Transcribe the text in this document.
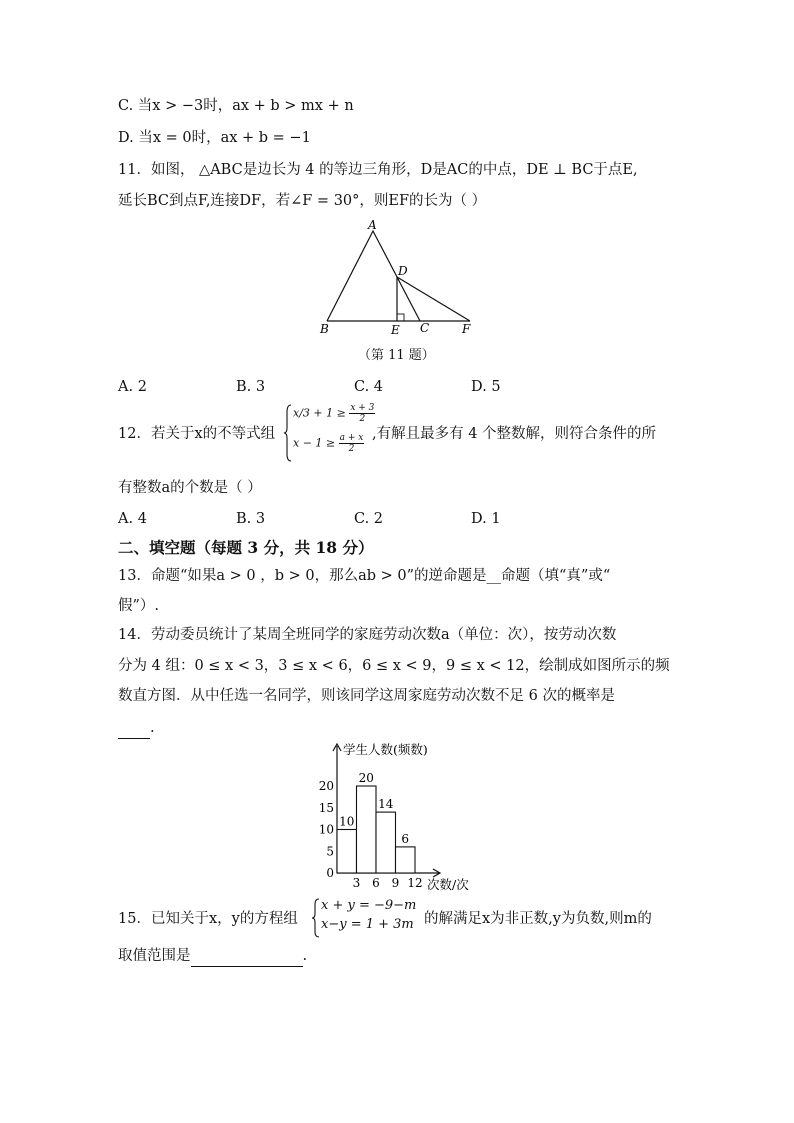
C. 当x > −3时，ax + b > mx + n
D. 当x = 0时，ax + b = −1
11．如图， △ABC是边长为 4 的等边三角形，D是AC的中点，DE ⊥ BC于点E,
延长BC到点F,连接DF，若∠F = 30°，则EF的长为（ ）
A
B
D
E C	F
（第 11 题）
A. 2	B. 3	C. 4	D. 5
12．若关于x的不等式组
$x/3 + 1 \ge \frac{x + 3}{2}$
$x - 1 \ge \frac{a + x}{2}$ ,有解且最多有 4 个整数解，则符合条件的所
有整数a的个数是（ ）
A. 4	B. 3	C. 2	D. 1
二、填空题（每题 3 分，共 18 分）
13．命题“如果a > 0 ，b > 0，那么ab > 0”的逆命题是__命题（填“真”或“
假”）.
14．劳动委员统计了某周全班同学的家庭劳动次数a（单位：次），按劳动次数
分为 4 组：0 ≤ x < 3，3 ≤ x < 6，6 ≤ x < 9，9 ≤ x < 12，绘制成如图所示的频
数直方图．从中任选一名同学，则该同学这周家庭劳动次数不足 6 次的概率是
.
10
20
14
6
5
10
15
20
0
3 6 9 12
学生人数(频数)
次数/次
15．已知关于x，y的方程组
x + y = −9−m
x−y = 1 + 3m 的解满足x为非正数,y为负数,则m的
取值范围是	.
